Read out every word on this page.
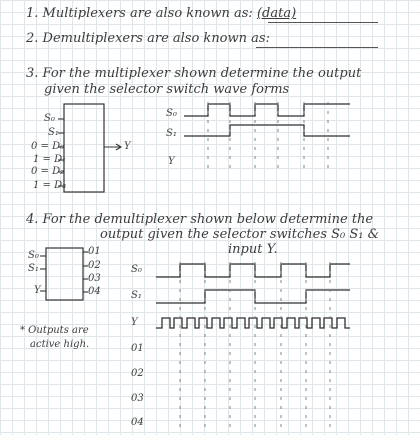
1. Multiplexers are also known as: (data)
2. Demultiplexers are also known as:
3. For the multiplexer shown determine the output
given the selector switch wave forms
S₀
S₁
0 = D₀
1 = D₁
0 = D₂
1 = D₃
Y
S₀
S₁
Y
4. For the demultiplexer shown below determine the
output given the selector switches S₀ S₁ &
input Y.
S₀
S₁
Y
01
02
03
04
* Outputs are
active high.
S₀
S₁
Y
01
02
03
04
